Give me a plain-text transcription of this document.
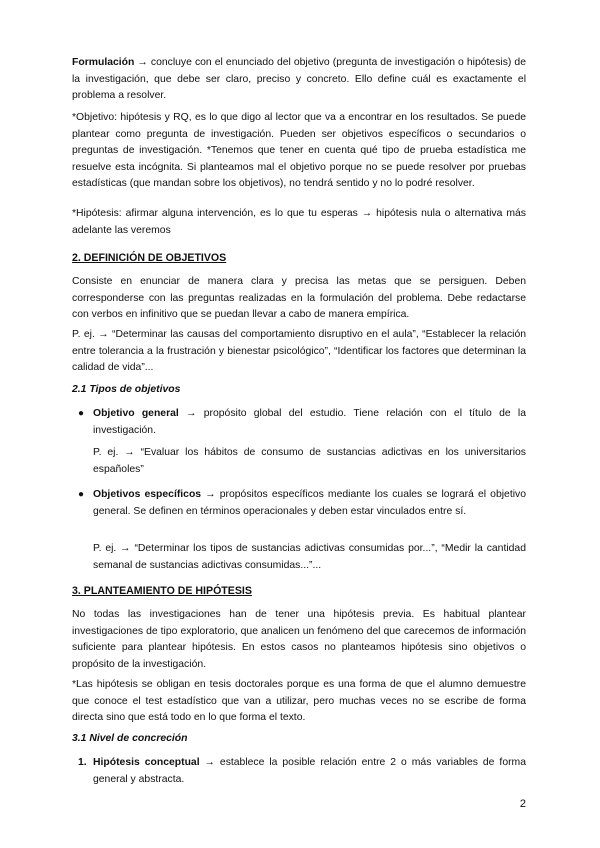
Formulación → concluye con el enunciado del objetivo (pregunta de investigación o hipótesis) de la investigación, que debe ser claro, preciso y concreto. Ello define cuál es exactamente el problema a resolver.

*Objetivo: hipótesis y RQ, es lo que digo al lector que va a encontrar en los resultados. Se puede plantear como pregunta de investigación. Pueden ser objetivos específicos o secundarios o preguntas de investigación. *Tenemos que tener en cuenta qué tipo de prueba estadística me resuelve esta incógnita. Si planteamos mal el objetivo porque no se puede resolver por pruebas estadísticas (que mandan sobre los objetivos), no tendrá sentido y no lo podré resolver.

*Hipótesis: afirmar alguna intervención, es lo que tu esperas → hipótesis nula o alternativa más adelante las veremos

2. DEFINICIÓN DE OBJETIVOS

Consiste en enunciar de manera clara y precisa las metas que se persiguen. Deben corresponderse con las preguntas realizadas en la formulación del problema. Debe redactarse con verbos en infinitivo que se puedan llevar a cabo de manera empírica.

P. ej. → “Determinar las causas del comportamiento disruptivo en el aula”, “Establecer la relación entre tolerancia a la frustración y bienestar psicológico”, “Identificar los factores que determinan la calidad de vida”...

2.1 Tipos de objetivos

● Objetivo general → propósito global del estudio. Tiene relación con el título de la investigación.

P. ej. → “Evaluar los hábitos de consumo de sustancias adictivas en los universitarios españoles”

● Objetivos específicos → propósitos específicos mediante los cuales se logrará el objetivo general. Se definen en términos operacionales y deben estar vinculados entre sí.

P. ej. → “Determinar los tipos de sustancias adictivas consumidas por...”, “Medir la cantidad semanal de sustancias adictivas consumidas...”...

3. PLANTEAMIENTO DE HIPÓTESIS

No todas las investigaciones han de tener una hipótesis previa. Es habitual plantear investigaciones de tipo exploratorio, que analicen un fenómeno del que carecemos de información suficiente para plantear hipótesis. En estos casos no planteamos hipótesis sino objetivos o propósito de la investigación.

*Las hipótesis se obligan en tesis doctorales porque es una forma de que el alumno demuestre que conoce el test estadístico que van a utilizar, pero muchas veces no se escribe de forma directa sino que está todo en lo que forma el texto.

3.1 Nivel de concreción

1. Hipótesis conceptual → establece la posible relación entre 2 o más variables de forma general y abstracta.

2
